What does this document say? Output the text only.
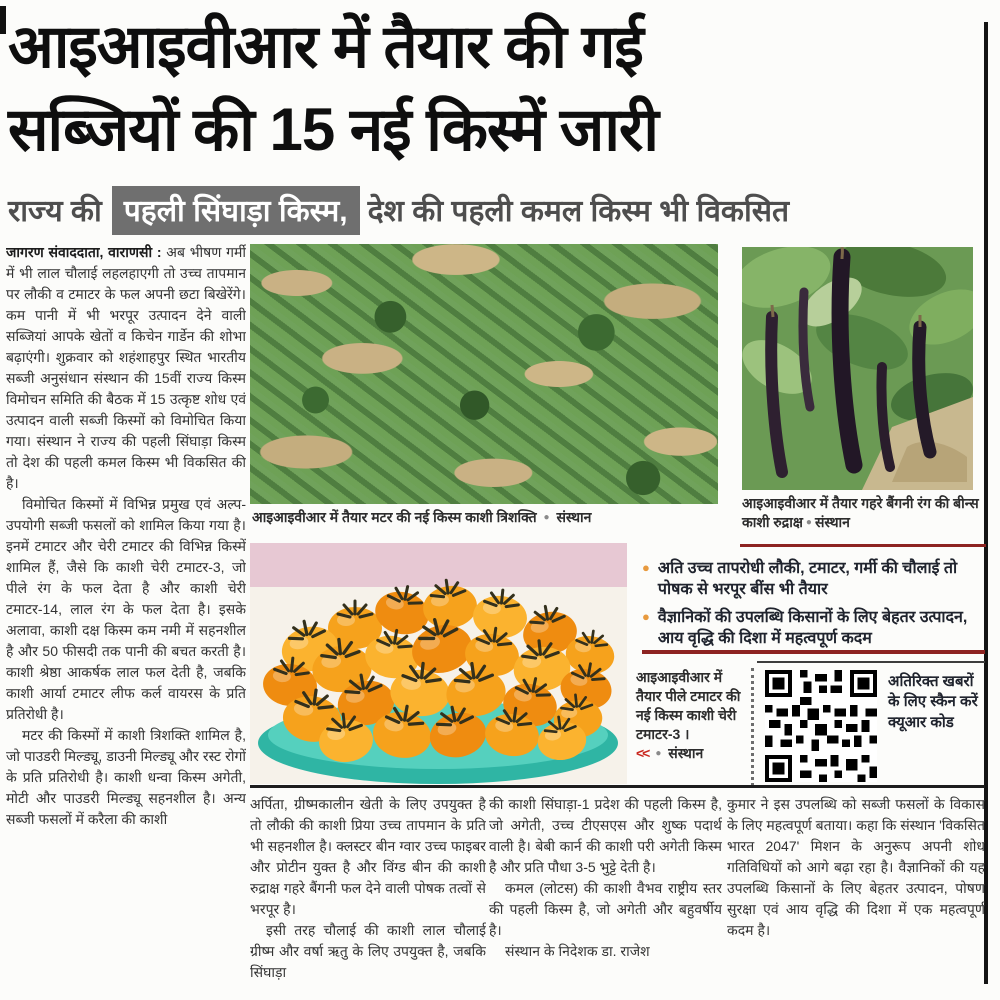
आइआइवीआर में तैयार की गई
सब्जियों की 15 नई किस्में जारी
राज्य की पहली सिंघाड़ा किस्म, देश की पहली कमल किस्म भी विकसित

जागरण संवाददाता, वाराणसी : अब भीषण गर्मी में भी लाल चौलाई लहलहाएगी तो उच्च तापमान पर लौकी व टमाटर के फल अपनी छटा बिखेरेंगे। कम पानी में भी भरपूर उत्पादन देने वाली सब्जियां आपके खेतों व किचेन गार्डेन की शोभा बढ़ाएंगी। शुक्रवार को शहंशाहपुर स्थित भारतीय सब्जी अनुसंधान संस्थान की 15वीं राज्य किस्म विमोचन समिति की बैठक में 15 उत्कृष्ट शोध एवं उत्पादन वाली सब्जी किस्मों को विमोचित किया गया। संस्थान ने राज्य की पहली सिंघाड़ा किस्म तो देश की पहली कमल किस्म भी विकसित की है।

विमोचित किस्मों में विभिन्न प्रमुख एवं अल्प-उपयोगी सब्जी फसलों को शामिल किया गया है। इनमें टमाटर और चेरी टमाटर की विभिन्न किस्में शामिल हैं, जैसे कि काशी चेरी टमाटर-3, जो पीले रंग के फल देता है और काशी चेरी टमाटर-14, लाल रंग के फल देता है। इसके अलावा, काशी दक्ष किस्म कम नमी में सहनशील है और 50 फीसदी तक पानी की बचत करती है। काशी श्रेष्ठा आकर्षक लाल फल देती है, जबकि काशी आर्या टमाटर लीफ कर्ल वायरस के प्रति प्रतिरोधी है।

मटर की किस्मों में काशी त्रिशक्ति शामिल है, जो पाउडरी मिल्ड्यू, डाउनी मिल्ड्यू और रस्ट रोगों के प्रति प्रतिरोधी है। काशी धन्वा किस्म अगेती, मोटी और पाउडरी मिल्ड्यू सहनशील है। अन्य सब्जी फसलों में करैला की काशी

आइआइवीआर में तैयार मटर की नई किस्म काशी त्रिशक्ति ● संस्थान
आइआइवीआर में तैयार गहरे बैंगनी रंग की बीन्स काशी रुद्राक्ष ● संस्थान
● अति उच्च तापरोधी लौकी, टमाटर, गर्मी की चौलाई तो पोषक से भरपूर बींस भी तैयार
● वैज्ञानिकों की उपलब्धि किसानों के लिए बेहतर उत्पादन, आय वृद्धि की दिशा में महत्वपूर्ण कदम
आइआइवीआर में तैयार पीले टमाटर की नई किस्म काशी चेरी टमाटर-3 ।
<< ● संस्थान
अतिरिक्त खबरों के लिए स्कैन करें क्यूआर कोड

अर्पिता, ग्रीष्मकालीन खेती के लिए उपयुक्त है तो लौकी की काशी प्रिया उच्च तापमान के प्रति भी सहनशील है। क्लस्टर बीन ग्वार उच्च फाइबर और प्रोटीन युक्त है और विंग्ड बीन की काशी रुद्राक्ष गहरे बैंगनी फल देने वाली पोषक तत्वों से भरपूर है।

इसी तरह चौलाई की काशी लाल चौलाई ग्रीष्म और वर्षा ऋतु के लिए उपयुक्त है, जबकि सिंघाड़ा

की काशी सिंघाड़ा-1 प्रदेश की पहली किस्म है, जो अगेती, उच्च टीएसएस और शुष्क पदार्थ वाली है। बेबी कार्न की काशी परी अगेती किस्म है और प्रति पौधा 3-5 भुट्टे देती है।

कमल (लोटस) की काशी वैभव राष्ट्रीय स्तर की पहली किस्म है, जो अगेती और बहुवर्षीय है।

संस्थान के निदेशक डा. राजेश

कुमार ने इस उपलब्धि को सब्जी फसलों के विकास के लिए महत्वपूर्ण बताया। कहा कि संस्थान 'विकसित भारत 2047' मिशन के अनुरूप अपनी शोध गतिविधियों को आगे बढ़ा रहा है। वैज्ञानिकों की यह उपलब्धि किसानों के लिए बेहतर उत्पादन, पोषण सुरक्षा एवं आय वृद्धि की दिशा में एक महत्वपूर्ण कदम है।
